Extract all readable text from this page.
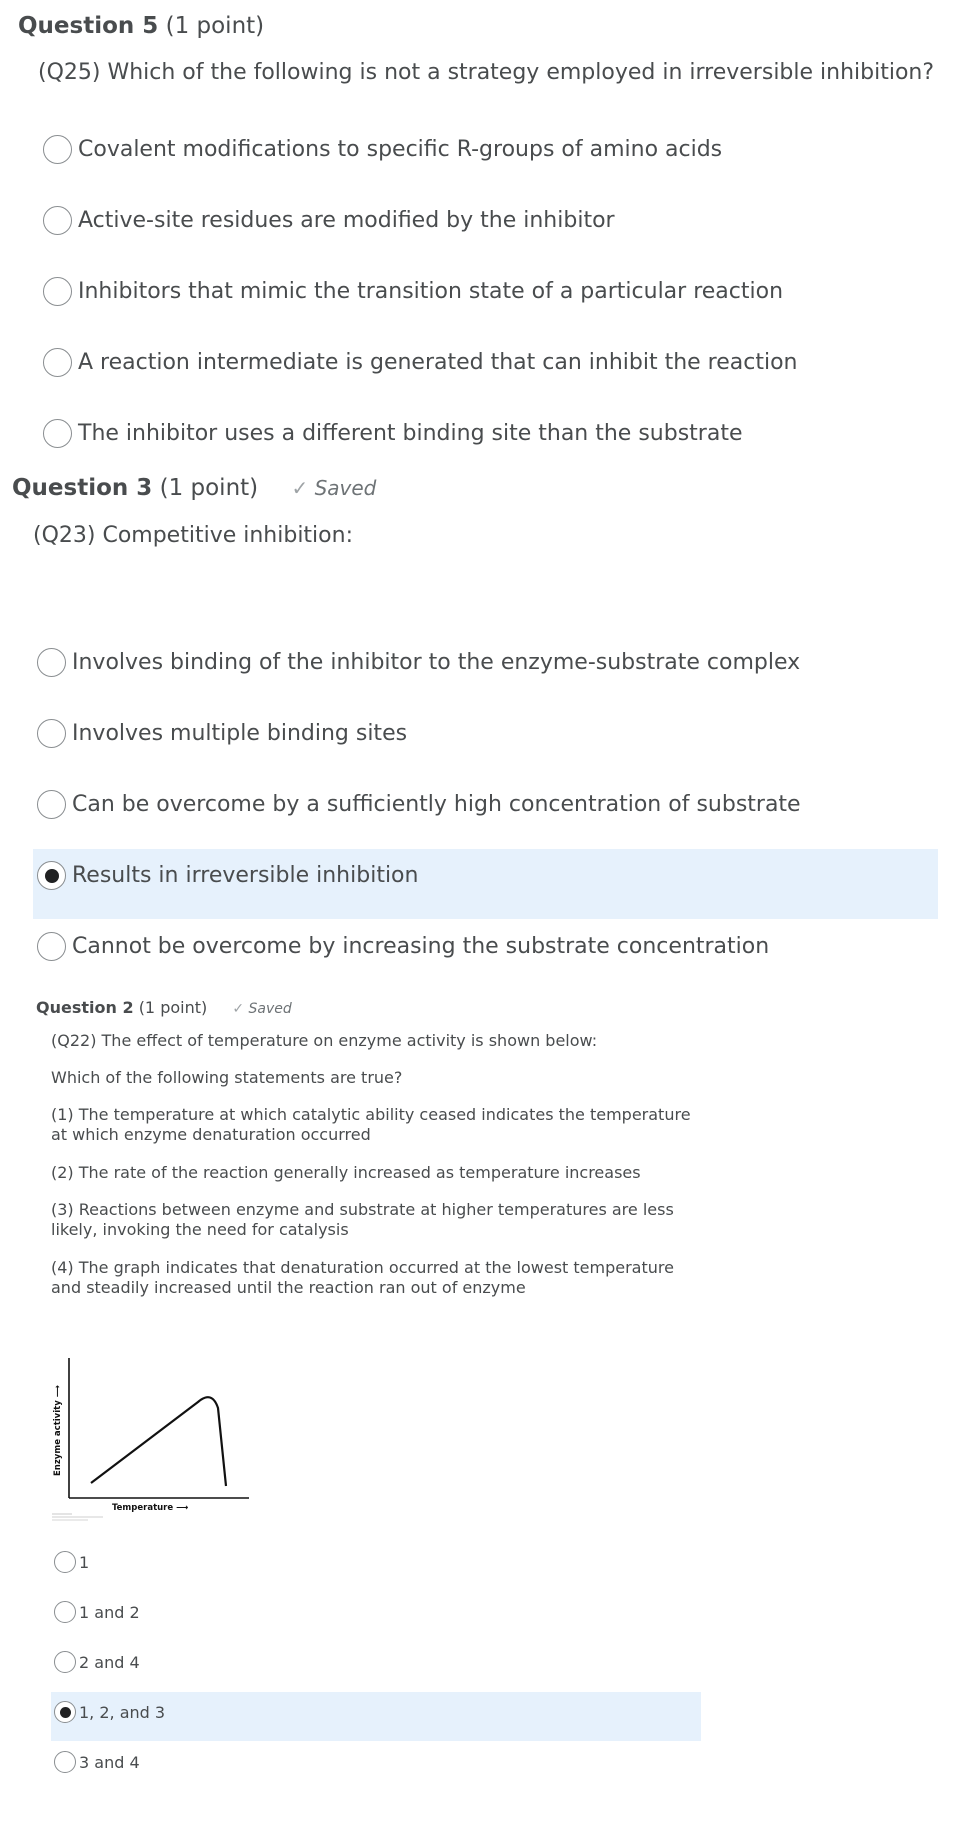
Question 5 (1 point)
(Q25) Which of the following is not a strategy employed in irreversible inhibition?
Covalent modifications to specific R-groups of amino acids
Active-site residues are modified by the inhibitor
Inhibitors that mimic the transition state of a particular reaction
A reaction intermediate is generated that can inhibit the reaction
The inhibitor uses a different binding site than the substrate
Question 3 (1 point) ✓ Saved
(Q23) Competitive inhibition:
Involves binding of the inhibitor to the enzyme-substrate complex
Involves multiple binding sites
Can be overcome by a sufficiently high concentration of substrate
Results in irreversible inhibition
Cannot be overcome by increasing the substrate concentration
Question 2 (1 point) ✓ Saved
(Q22) The effect of temperature on enzyme activity is shown below:
Which of the following statements are true?
(1) The temperature at which catalytic ability ceased indicates the temperature at which enzyme denaturation occurred
(2) The rate of the reaction generally increased as temperature increases
(3) Reactions between enzyme and substrate at higher temperatures are less likely, invoking the need for catalysis
(4) The graph indicates that denaturation occurred at the lowest temperature and steadily increased until the reaction ran out of enzyme
Enzyme activity ⟶
Temperature ⟶
1
1 and 2
2 and 4
1, 2, and 3
3 and 4
